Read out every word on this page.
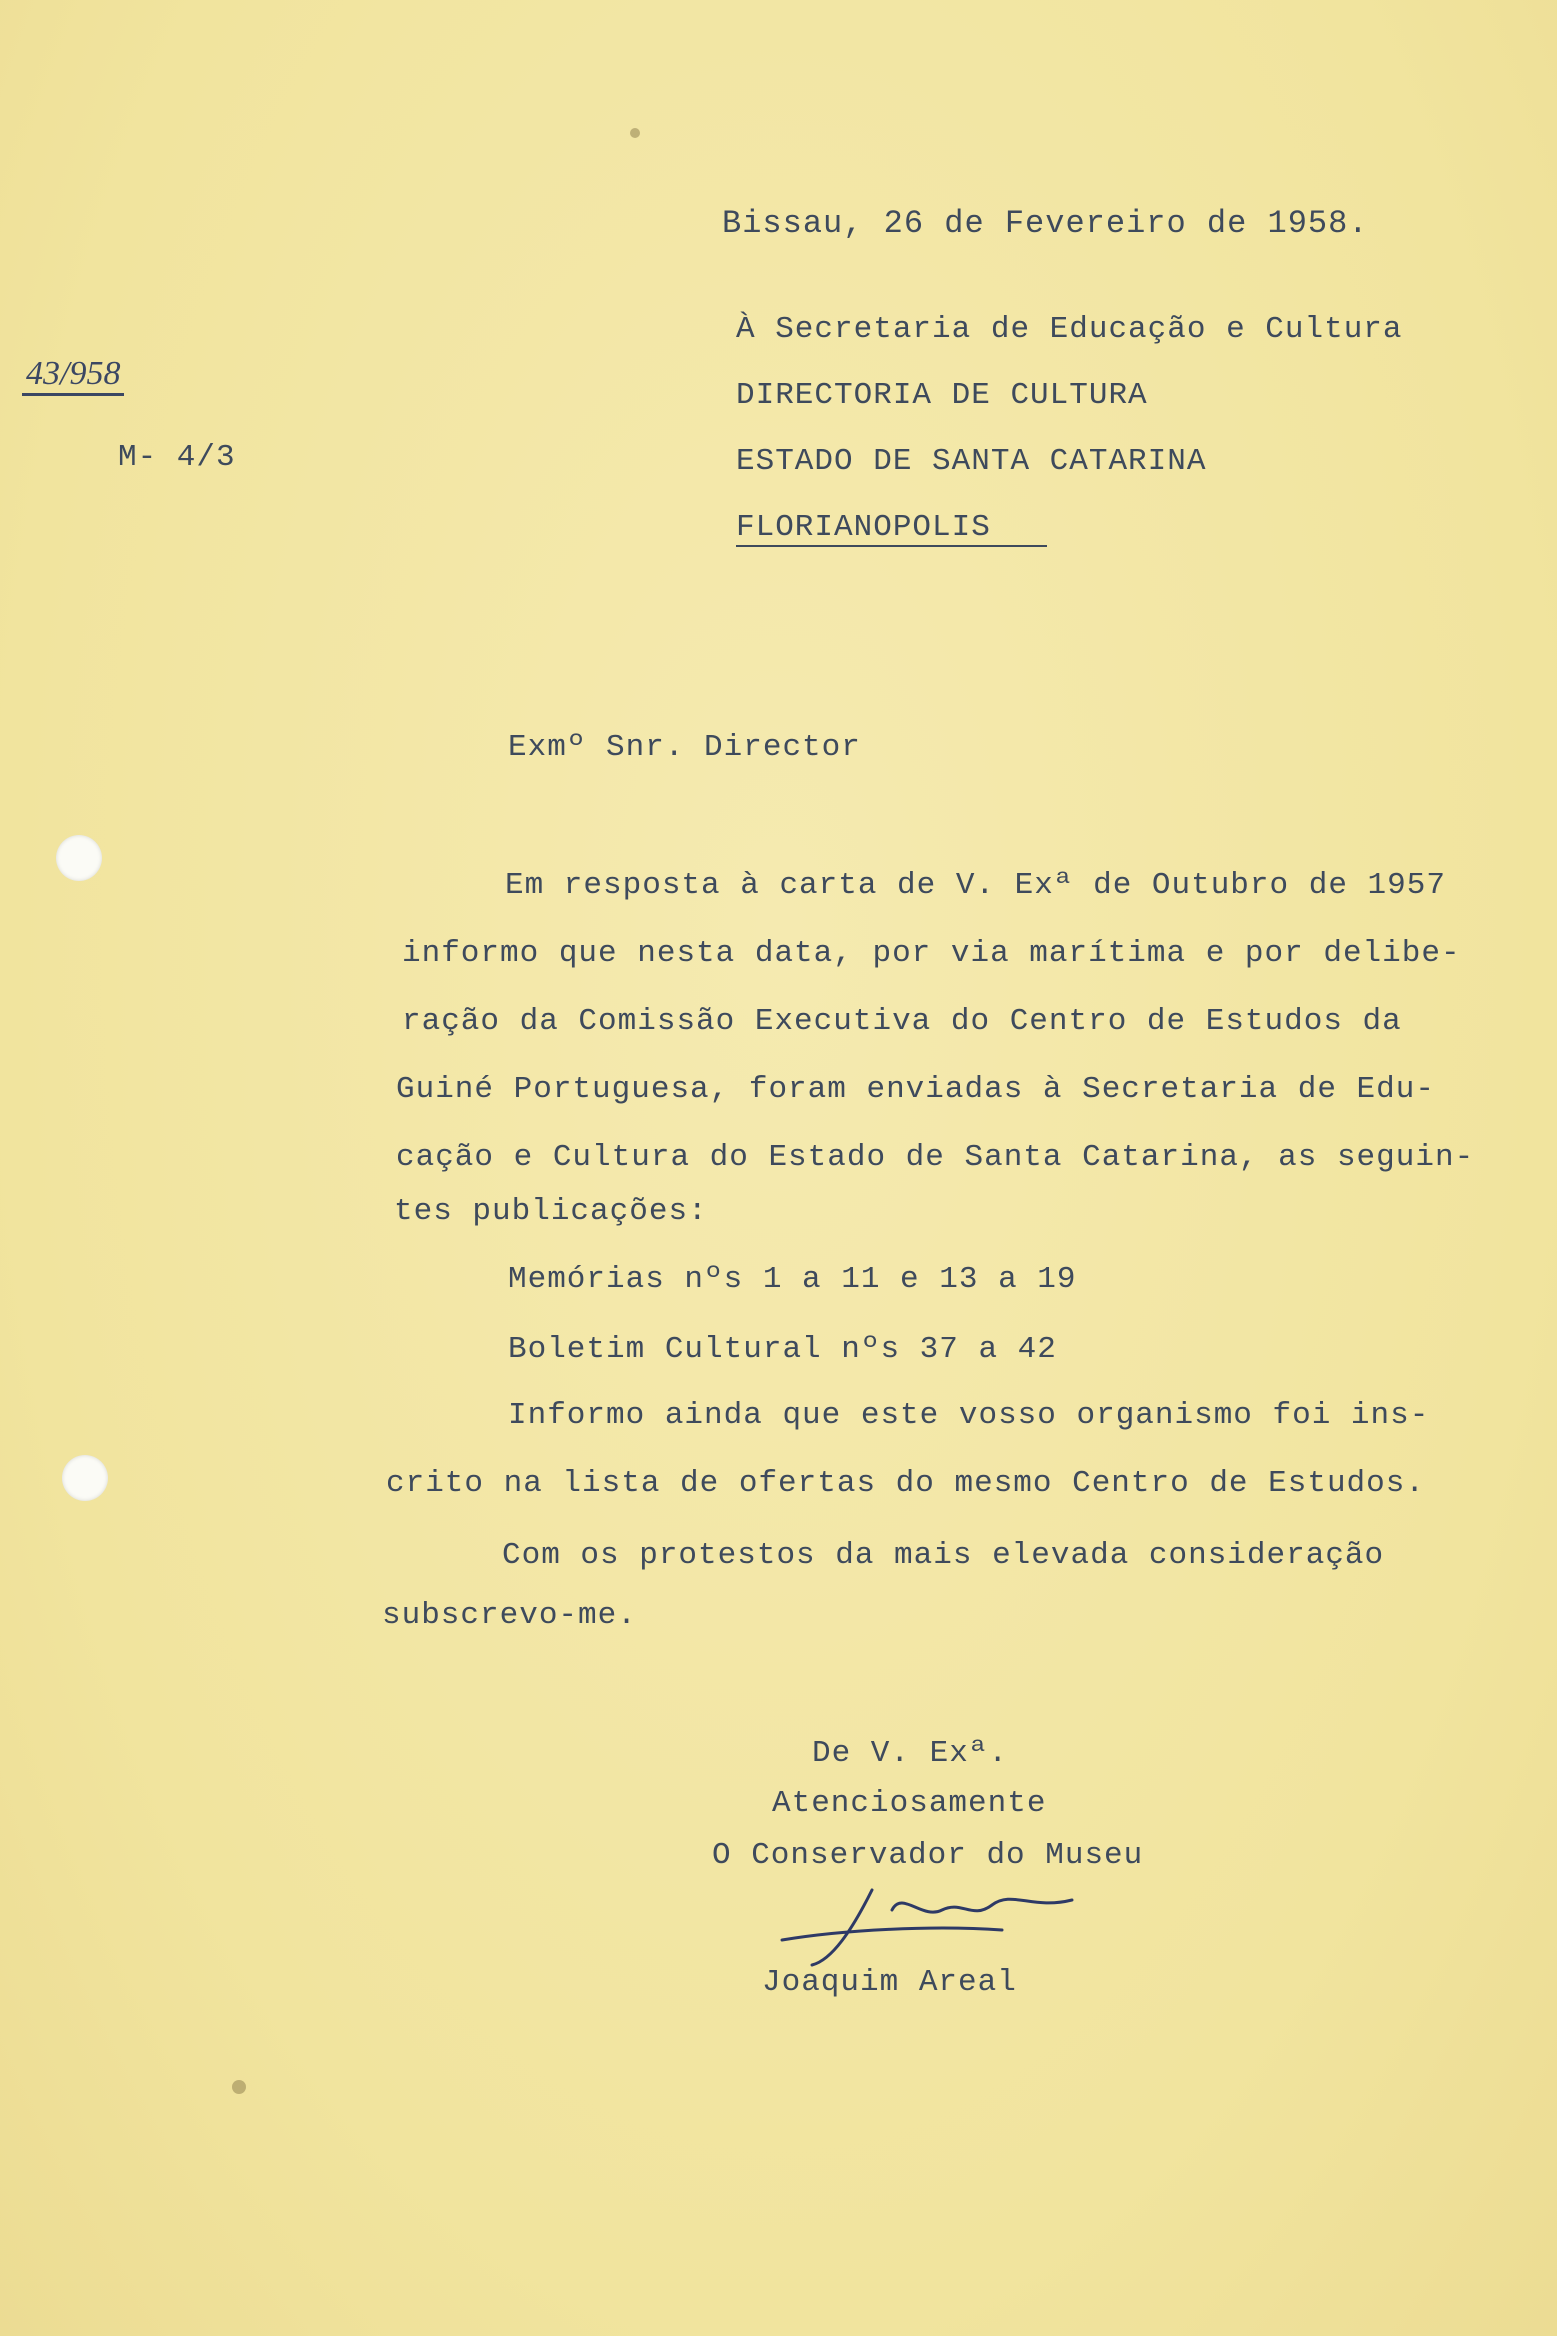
Bissau, 26 de Fevereiro de 1958.
43/958
M- 4/3
À Secretaria de Educação e Cultura
DIRECTORIA DE CULTURA
ESTADO DE SANTA CATARINA
FLORIANOPOLIS
Exmº Snr. Director
Em resposta à carta de V. Exª de Outubro de 1957
informo que nesta data, por via marítima e por delibe-
ração da Comissão Executiva do Centro de Estudos da
Guiné Portuguesa, foram enviadas à Secretaria de Edu-
cação e Cultura do Estado de Santa Catarina, as seguin-
tes publicações:
Memórias nºs 1 a 11 e 13 a 19
Boletim Cultural nºs 37 a 42
Informo ainda que este vosso organismo foi ins-
crito na lista de ofertas do mesmo Centro de Estudos.
Com os protestos da mais elevada consideração
subscrevo-me.
De V. Exª.
Atenciosamente
O Conservador do Museu
Joaquim Areal
